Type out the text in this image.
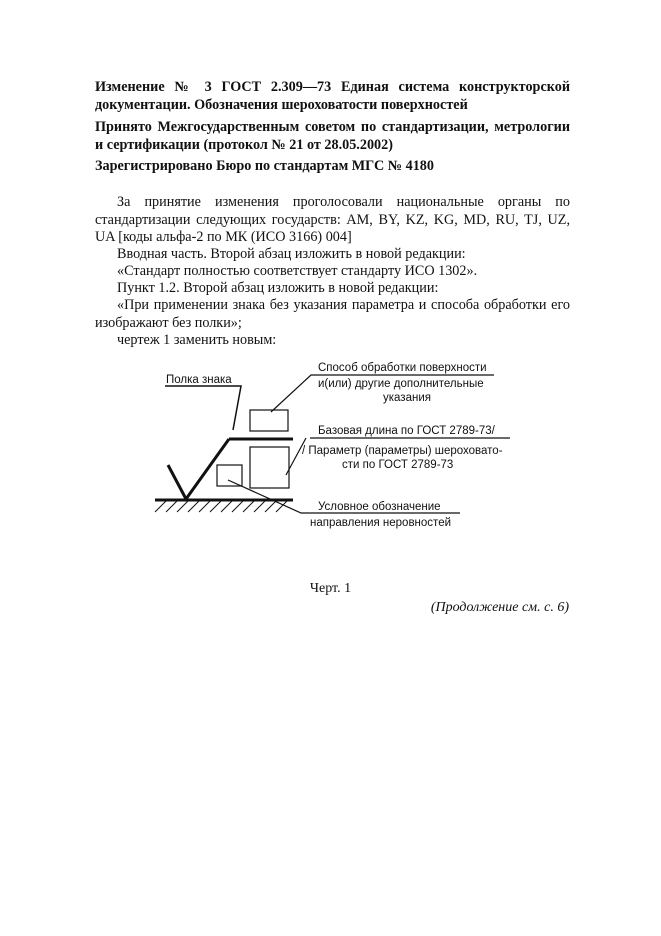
Изменение № 3 ГОСТ 2.309—73 Единая система конструкторской документации. Обозначения шероховатости поверхностей

Принято Межгосударственным советом по стандартизации, метрологии и сертификации (протокол № 21 от 28.05.2002)

Зарегистрировано Бюро по стандартам МГС № 4180

За принятие изменения проголосовали национальные органы по стандартизации следующих государств: AM, BY, KZ, KG, MD, RU, TJ, UZ, UA [коды альфа-2 по МК (ИСО 3166) 004]

Вводная часть. Второй абзац изложить в новой редакции:
«Стандарт полностью соответствует стандарту ИСО 1302».
Пункт 1.2. Второй абзац изложить в новой редакции:

«При применении знака без указания параметра и способа обработки его изображают без полки»;

чертеж 1 заменить новым:
Полка знака
Способ обработки поверхности
и(или) другие дополнительные
указания
Базовая длина по ГОСТ 2789-73/
/ Параметр (параметры) шероховато-
сти по ГОСТ 2789-73
Условное обозначение
направления неровностей
Черт. 1
(Продолжение см. с. 6)
